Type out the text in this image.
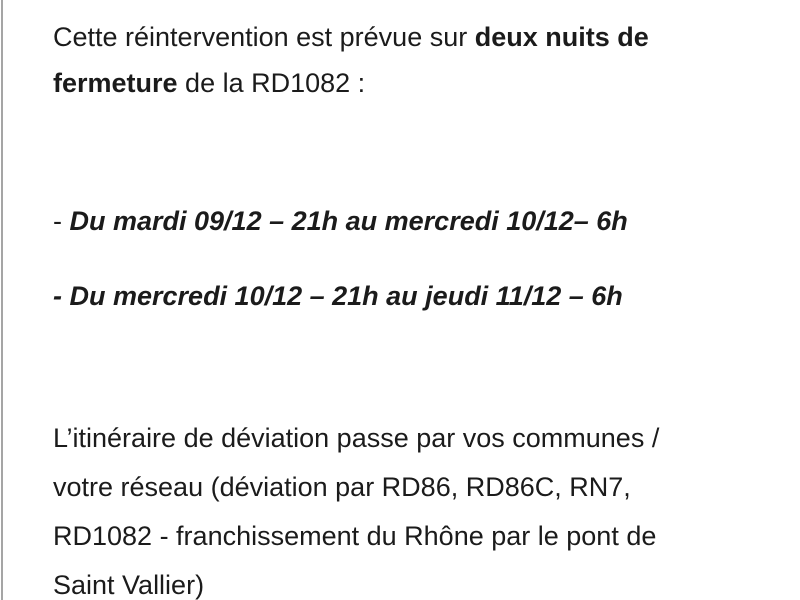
Cette réintervention est prévue sur deux nuits de
fermeture de la RD1082 :

- Du mardi 09/12 – 21h au mercredi 10/12– 6h
- Du mercredi 10/12 – 21h au jeudi 11/12 – 6h

L’itinéraire de déviation passe par vos communes /
votre réseau (déviation par RD86, RD86C, RN7,
RD1082 - franchissement du Rhône par le pont de
Saint Vallier)
